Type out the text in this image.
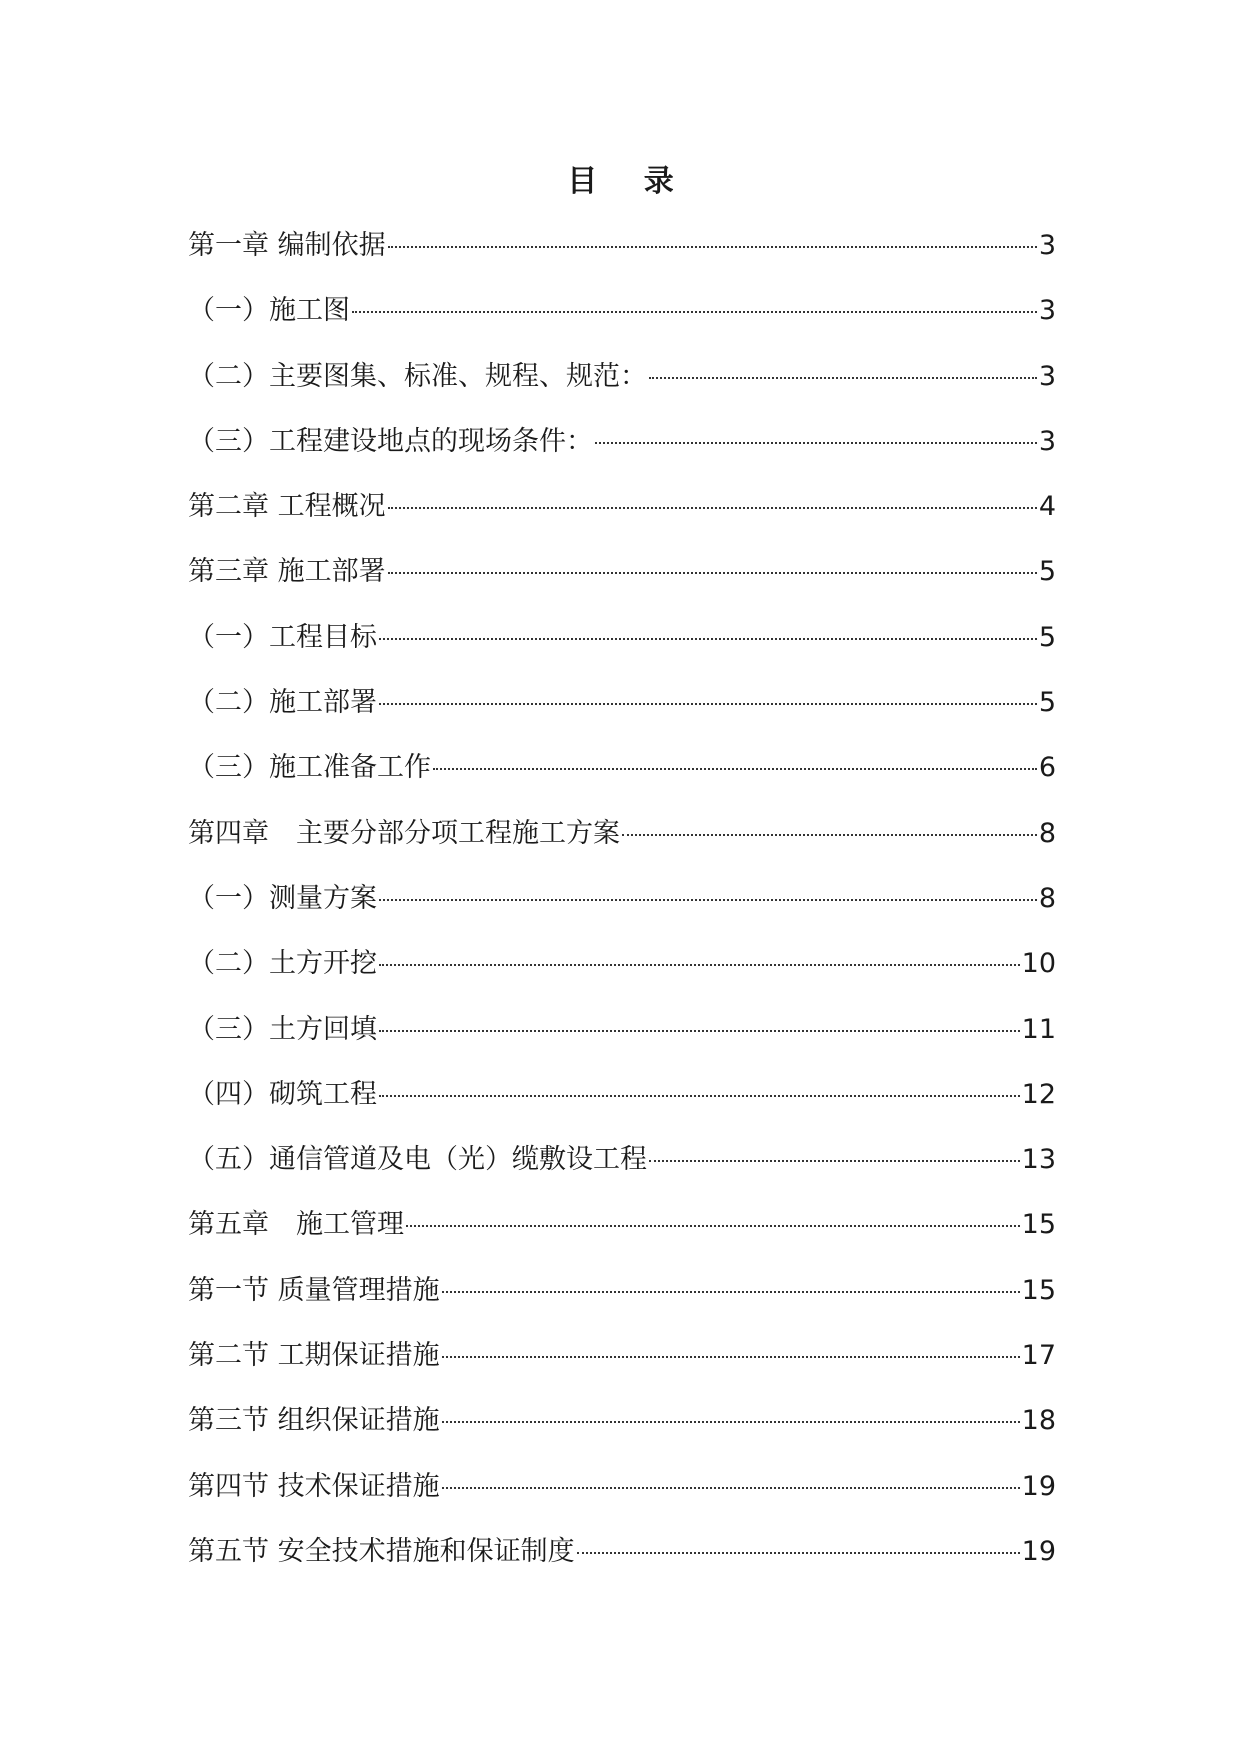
目 录
第一章 编制依据	3
（一）施工图	3
（二）主要图集、标准、规程、规范：	3
（三）工程建设地点的现场条件：	3
第二章 工程概况	4
第三章 施工部署	5
（一）工程目标	5
（二）施工部署	5
（三）施工准备工作	6
第四章　主要分部分项工程施工方案	8
（一）测量方案	8
（二）土方开挖	10
（三）土方回填	11
（四）砌筑工程	12
（五）通信管道及电（光）缆敷设工程	13
第五章　施工管理	15
第一节 质量管理措施	15
第二节 工期保证措施	17
第三节 组织保证措施	18
第四节 技术保证措施	19
第五节 安全技术措施和保证制度	19
